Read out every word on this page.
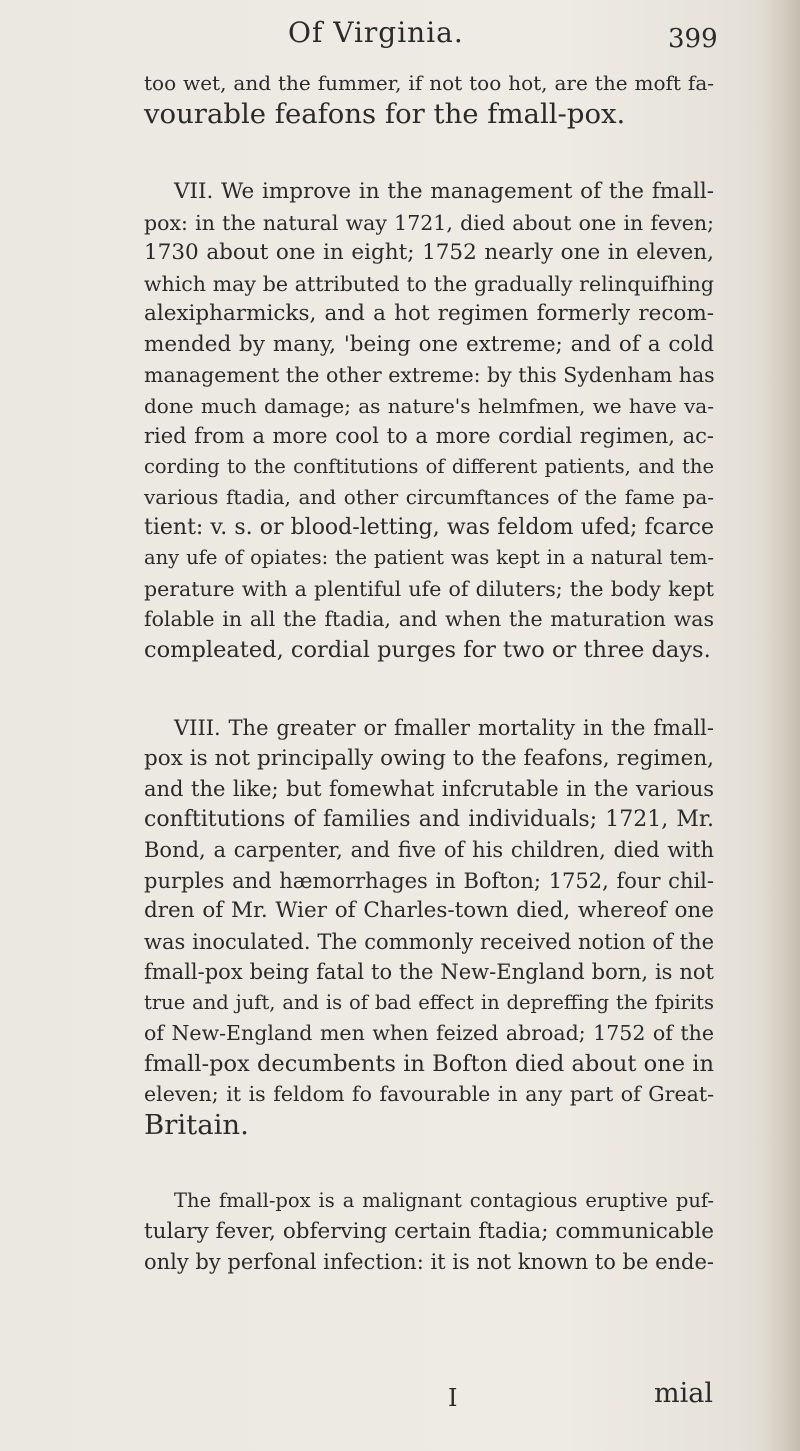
Of Virginia.	399
too wet, and the fummer, if not too hot, are the moft fa-
vourable feafons for the fmall-pox.
VII. We improve in the management of the fmall-
pox: in the natural way 1721, died about one in feven;
1730 about one in eight; 1752 nearly one in eleven,
which may be attributed to the gradually relinquifhing
alexipharmicks, and a hot regimen formerly recom-
mended by many, 'being one extreme; and of a cold
management the other extreme: by this Sydenham has
done much damage; as nature's helmfmen, we have va-
ried from a more cool to a more cordial regimen, ac-
cording to the conftitutions of different patients, and the
various ftadia, and other circumftances of the fame pa-
tient: v. s. or blood-letting, was feldom ufed; fcarce
any ufe of opiates: the patient was kept in a natural tem-
perature with a plentiful ufe of diluters; the body kept
folable in all the ftadia, and when the maturation was
compleated, cordial purges for two or three days.
VIII. The greater or fmaller mortality in the fmall-
pox is not principally owing to the feafons, regimen,
and the like; but fomewhat infcrutable in the various
conftitutions of families and individuals; 1721, Mr.
Bond, a carpenter, and five of his children, died with
purples and hæmorrhages in Bofton; 1752, four chil-
dren of Mr. Wier of Charles-town died, whereof one
was inoculated. The commonly received notion of the
fmall-pox being fatal to the New-England born, is not
true and juft, and is of bad effect in depreffing the fpirits
of New-England men when feized abroad; 1752 of the
fmall-pox decumbents in Bofton died about one in
eleven; it is feldom fo favourable in any part of Great-
Britain.
The fmall-pox is a malignant contagious eruptive puf-
tulary fever, obferving certain ftadia; communicable
only by perfonal infection: it is not known to be ende-
I	mial
